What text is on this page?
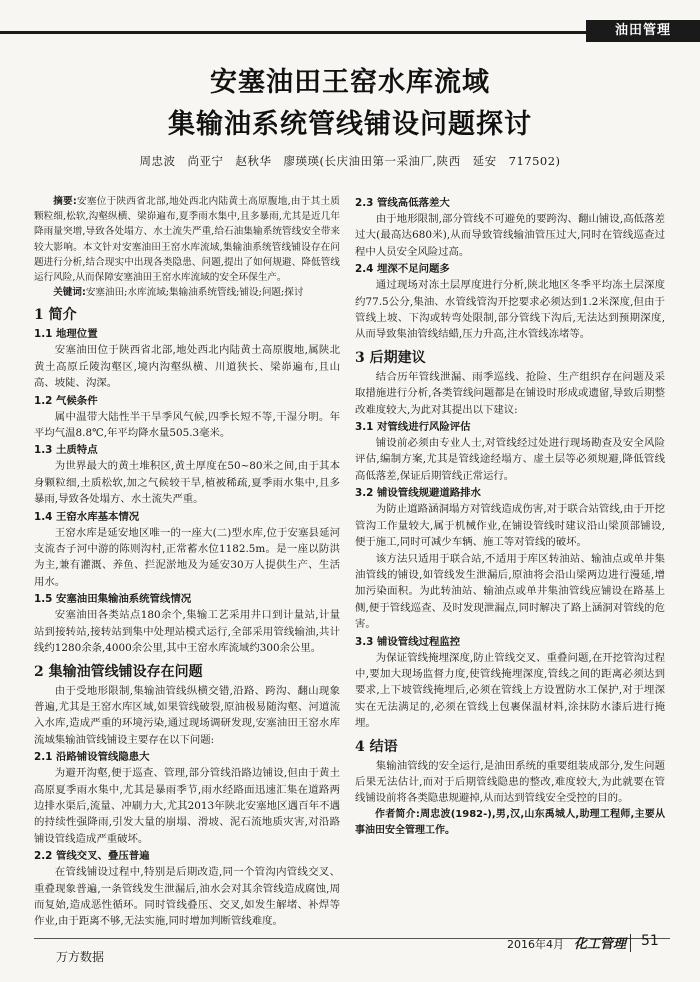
油田管理
安塞油田王窑水库流域
集输油系统管线铺设问题探讨
周忠波　尚亚宁　赵秋华　廖瑛瑛(长庆油田第一采油厂,陕西　延安　717502)

摘要:安塞位于陕西省北部,地处西北内陆黄土高原腹地,由于其土质颗粒细,松软,沟壑纵横、梁峁遍布,夏季雨水集中,且多暴雨,尤其是近几年降雨量突增,导致各处塌方、水土流失严重,给石油集输系统管线安全带来较大影响。本文针对安塞油田王窑水库流域,集输油系统管线铺设存在问题进行分析,结合现实中出现各类隐患、问题,提出了如何规避、降低管线运行风险,从而保障安塞油田王窑水库流域的安全环保生产。

关键词:安塞油田;水库流域;集输油系统管线;铺设;问题;探讨

1 简介
1.1 地理位置

安塞油田位于陕西省北部,地处西北内陆黄土高原腹地,属陕北黄土高原丘陵沟壑区,境内沟壑纵横、川道狭长、梁峁遍布,且山高、坡陡、沟深。

1.2 气候条件

属中温带大陆性半干旱季风气候,四季长短不等,干湿分明。年平均气温8.8℃,年平均降水量505.3毫米。

1.3 土质特点

为世界最大的黄土堆积区,黄土厚度在50~80米之间,由于其本身颗粒细,土质松软,加之气候较干旱,植被稀疏,夏季雨水集中,且多暴雨,导致各处塌方、水土流失严重。

1.4 王窑水库基本情况

王窑水库是延安地区唯一的一座大(二)型水库,位于安塞县延河支流杏子河中游的陈则沟村,正常蓄水位1182.5m。是一座以防洪为主,兼有灌溉、养鱼、拦泥淤地及为延安30万人提供生产、生活用水。

1.5 安塞油田集输油系统管线情况

安塞油田各类站点180余个,集输工艺采用井口到计量站,计量站到接转站,接转站到集中处理站模式运行,全部采用管线输油,共计线约1280余条,4000余公里,其中王窑水库流域约300余公里。

2 集输油管线铺设存在问题

由于受地形限制,集输油管线纵横交错,沿路、跨沟、翻山现象普遍,尤其是王窑水库区域,如果管线破裂,原油极易随沟壑、河道流入水库,造成严重的环境污染,通过现场调研发现,安塞油田王窑水库流域集输油管线铺设主要存在以下问题:

2.1 沿路铺设管线隐患大

为避开沟壑,便于巡查、管理,部分管线沿路边铺设,但由于黄土高原夏季雨水集中,尤其是暴雨季节,雨水经路面迅速汇集在道路两边排水渠后,流量、冲刷力大,尤其2013年陕北安塞地区遇百年不遇的持续性强降雨,引发大量的崩塌、滑坡、泥石流地质灾害,对沿路铺设管线造成严重破坏。

2.2 管线交叉、叠压普遍

在管线铺设过程中,特别是后期改造,同一个管沟内管线交叉、重叠现象普遍,一条管线发生泄漏后,油水会对其余管线造成腐蚀,周而复始,造成恶性循环。同时管线叠压、交叉,如发生解堵、补焊等作业,由于距离不够,无法实施,同时增加判断管线难度。

2.3 管线高低落差大

由于地形限制,部分管线不可避免的要跨沟、翻山铺设,高低落差过大(最高达680米),从而导致管线输油管压过大,同时在管线巡查过程中人员安全风险过高。

2.4 埋深不足问题多

通过现场对冻土层厚度进行分析,陕北地区冬季平均冻土层深度约77.5公分,集油、水管线管沟开挖要求必须达到1.2米深度,但由于管线上坡、下沟或转弯处限制,部分管线下沟后,无法达到预期深度,从而导致集油管线结蜡,压力升高,注水管线冻堵等。

3 后期建议

结合历年管线泄漏、雨季巡线、抢险、生产组织存在问题及采取措施进行分析,各类管线问题都是在铺设时形成或遗留,导致后期整改难度较大,为此对其提出以下建议:

3.1 对管线进行风险评估

铺设前必须由专业人士,对管线经过处进行现场勘查及安全风险评估,编制方案,尤其是管线途经塌方、虚土层等必须规避,降低管线高低落差,保证后期管线正常运行。

3.2 铺设管线规避道路排水

为防止道路涵洞塌方对管线造成伤害,对于联合站管线,由于开挖管沟工作量较大,属于机械作业,在铺设管线时建议沿山梁顶部铺设,便于施工,同时可减少车辆、施工等对管线的破坏。

该方法只适用于联合站,不适用于库区转油站、输油点或单井集油管线的铺设,如管线发生泄漏后,原油将会沿山梁两边进行漫延,增加污染面积。为此转油站、输油点或单井集油管线应铺设在路基上侧,便于管线巡查、及时发现泄漏点,同时解决了路上涵洞对管线的危害。

3.3 铺设管线过程监控

为保证管线掩埋深度,防止管线交叉、重叠问题,在开挖管沟过程中,要加大现场监督力度,使管线掩埋深度,管线之间的距离必须达到要求,上下坡管线掩埋后,必须在管线上方设置防水工保护,对于埋深实在无法满足的,必须在管线上包裹保温材料,涂抹防水漆后进行掩埋。

4 结语

集输油管线的安全运行,是油田系统的重要组装成部分,发生问题后果无法估计,而对于后期管线隐患的整改,难度较大,为此就要在管线铺设前将各类隐患规避掉,从而达到管线安全受控的目的。

作者简介:周忠波(1982-),男,汉,山东禹城人,助理工程师,主要从事油田安全管理工作。

万方数据
2016年4月 化工管理 51
